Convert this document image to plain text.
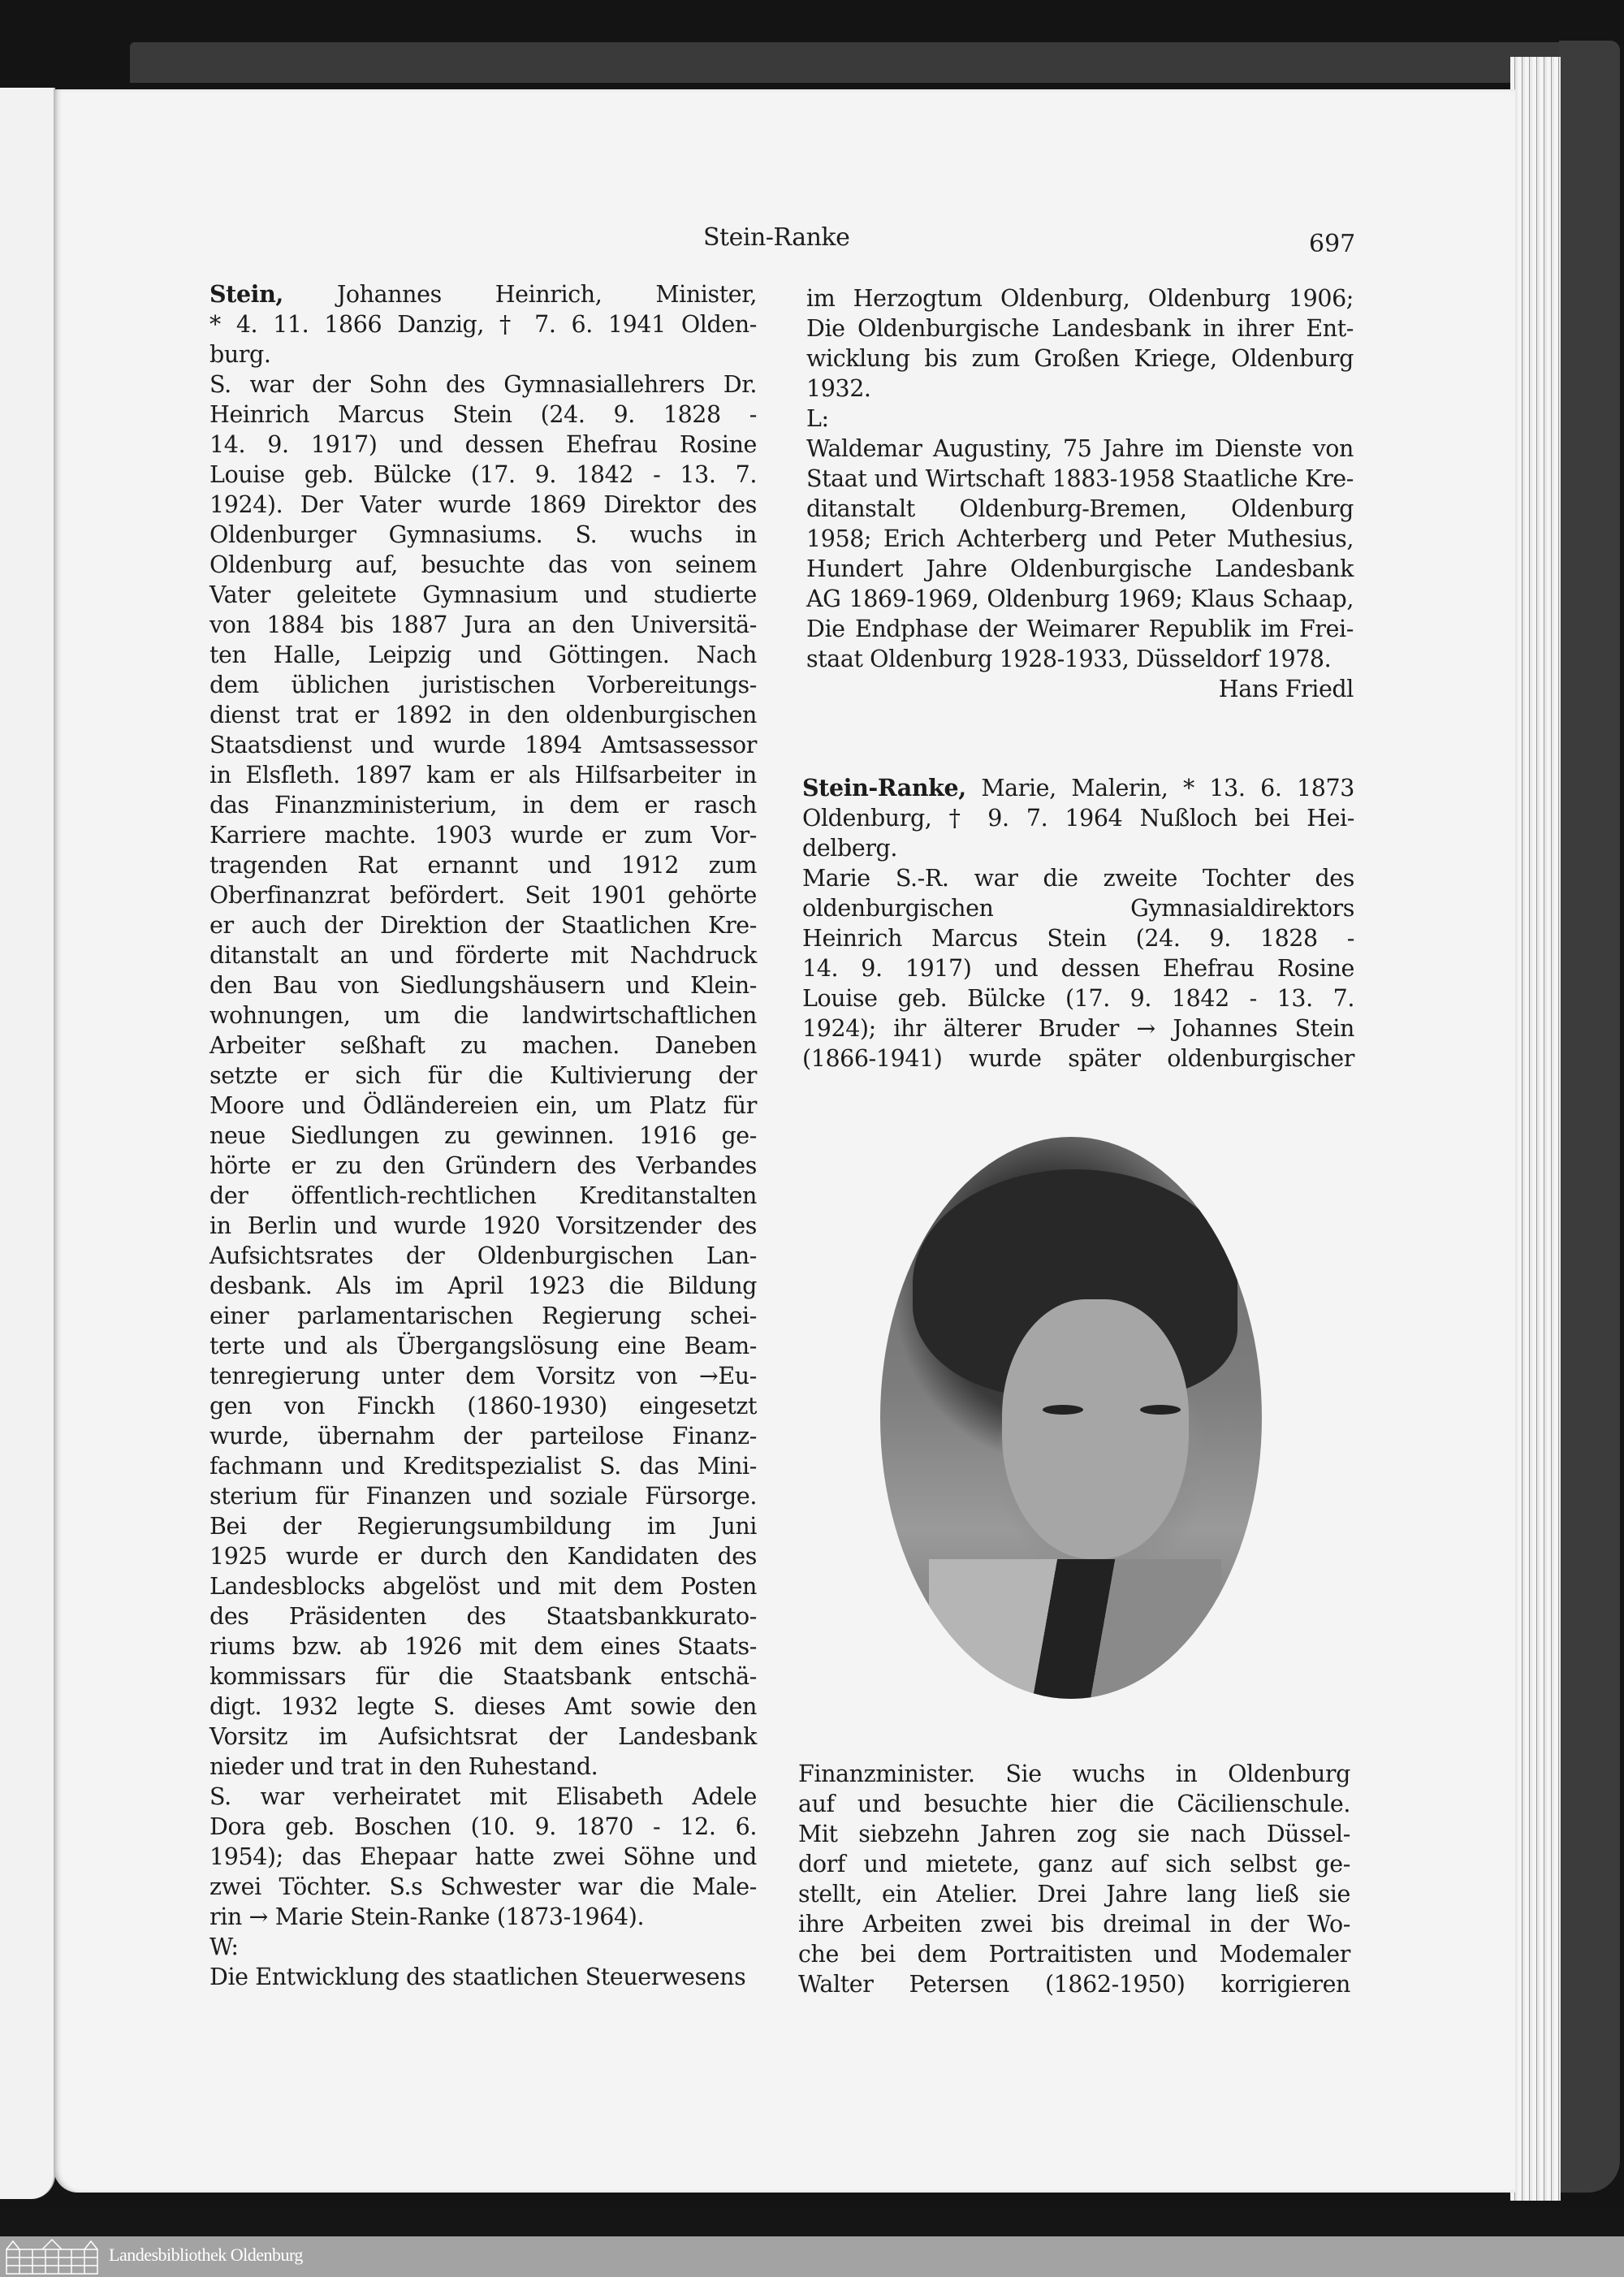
Stein-Ranke	697
Stein, Johannes Heinrich, Minister,
* 4. 11. 1866 Danzig, † 7. 6. 1941 Olden-
burg.
S. war der Sohn des Gymnasiallehrers Dr.
Heinrich Marcus Stein (24. 9. 1828 -
14. 9. 1917) und dessen Ehefrau Rosine
Louise geb. Bülcke (17. 9. 1842 - 13. 7.
1924). Der Vater wurde 1869 Direktor des
Oldenburger Gymnasiums. S. wuchs in
Oldenburg auf, besuchte das von seinem
Vater geleitete Gymnasium und studierte
von 1884 bis 1887 Jura an den Universitä-
ten Halle, Leipzig und Göttingen. Nach
dem üblichen juristischen Vorbereitungs-
dienst trat er 1892 in den oldenburgischen
Staatsdienst und wurde 1894 Amtsassessor
in Elsfleth. 1897 kam er als Hilfsarbeiter in
das Finanzministerium, in dem er rasch
Karriere machte. 1903 wurde er zum Vor-
tragenden Rat ernannt und 1912 zum
Oberfinanzrat befördert. Seit 1901 gehörte
er auch der Direktion der Staatlichen Kre-
ditanstalt an und förderte mit Nachdruck
den Bau von Siedlungshäusern und Klein-
wohnungen, um die landwirtschaftlichen
Arbeiter seßhaft zu machen. Daneben
setzte er sich für die Kultivierung der
Moore und Ödländereien ein, um Platz für
neue Siedlungen zu gewinnen. 1916 ge-
hörte er zu den Gründern des Verbandes
der öffentlich-rechtlichen Kreditanstalten
in Berlin und wurde 1920 Vorsitzender des
Aufsichtsrates der Oldenburgischen Lan-
desbank. Als im April 1923 die Bildung
einer parlamentarischen Regierung schei-
terte und als Übergangslösung eine Beam-
tenregierung unter dem Vorsitz von →Eu-
gen von Finckh (1860-1930) eingesetzt
wurde, übernahm der parteilose Finanz-
fachmann und Kreditspezialist S. das Mini-
sterium für Finanzen und soziale Fürsorge.
Bei der Regierungsumbildung im Juni
1925 wurde er durch den Kandidaten des
Landesblocks abgelöst und mit dem Posten
des Präsidenten des Staatsbankkurato-
riums bzw. ab 1926 mit dem eines Staats-
kommissars für die Staatsbank entschä-
digt. 1932 legte S. dieses Amt sowie den
Vorsitz im Aufsichtsrat der Landesbank
nieder und trat in den Ruhestand.
S. war verheiratet mit Elisabeth Adele
Dora geb. Boschen (10. 9. 1870 - 12. 6.
1954); das Ehepaar hatte zwei Söhne und
zwei Töchter. S.s Schwester war die Male-
rin → Marie Stein-Ranke (1873-1964).
W:
Die Entwicklung des staatlichen Steuerwesens
im Herzogtum Oldenburg, Oldenburg 1906;
Die Oldenburgische Landesbank in ihrer Ent-
wicklung bis zum Großen Kriege, Oldenburg
1932.
L:
Waldemar Augustiny, 75 Jahre im Dienste von
Staat und Wirtschaft 1883-1958 Staatliche Kre-
ditanstalt Oldenburg-Bremen, Oldenburg
1958; Erich Achterberg und Peter Muthesius,
Hundert Jahre Oldenburgische Landesbank
AG 1869-1969, Oldenburg 1969; Klaus Schaap,
Die Endphase der Weimarer Republik im Frei-
staat Oldenburg 1928-1933, Düsseldorf 1978.
Hans Friedl
Stein-Ranke, Marie, Malerin, * 13. 6. 1873
Oldenburg, † 9. 7. 1964 Nußloch bei Hei-
delberg.
Marie S.-R. war die zweite Tochter des
oldenburgischen Gymnasialdirektors
Heinrich Marcus Stein (24. 9. 1828 -
14. 9. 1917) und dessen Ehefrau Rosine
Louise geb. Bülcke (17. 9. 1842 - 13. 7.
1924); ihr älterer Bruder → Johannes Stein
(1866-1941) wurde später oldenburgischer
Finanzminister. Sie wuchs in Oldenburg
auf und besuchte hier die Cäcilienschule.
Mit siebzehn Jahren zog sie nach Düssel-
dorf und mietete, ganz auf sich selbst ge-
stellt, ein Atelier. Drei Jahre lang ließ sie
ihre Arbeiten zwei bis dreimal in der Wo-
che bei dem Portraitisten und Modemaler
Walter Petersen (1862-1950) korrigieren
Landesbibliothek Oldenburg
